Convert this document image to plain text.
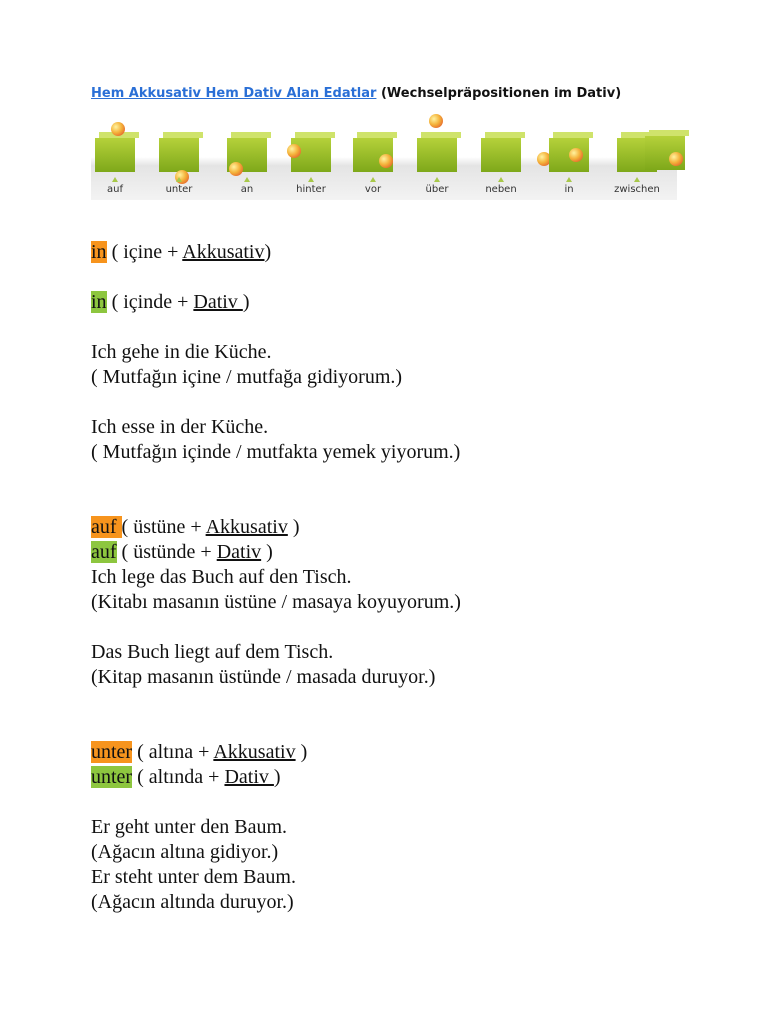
Hem Akkusativ Hem Dativ Alan Edatlar (Wechselpräpositionen im Dativ)

auf	unter	an	hinter	vor	über	neben	in	zwischen

in ( içine + Akkusativ)

in ( içinde + Dativ )

Ich gehe in die Küche.

( Mutfağın içine / mutfağa gidiyorum.)

Ich esse in der Küche.

( Mutfağın içinde / mutfakta yemek yiyorum.)

auf ( üstüne + Akkusativ )

auf ( üstünde + Dativ )

Ich lege das Buch auf den Tisch.

(Kitabı masanın üstüne / masaya koyuyorum.)

Das Buch liegt auf dem Tisch.

(Kitap masanın üstünde / masada duruyor.)

unter ( altına + Akkusativ )

unter ( altında + Dativ )

Er geht unter den Baum.

(Ağacın altına gidiyor.)

Er steht unter dem Baum.

(Ağacın altında duruyor.)
